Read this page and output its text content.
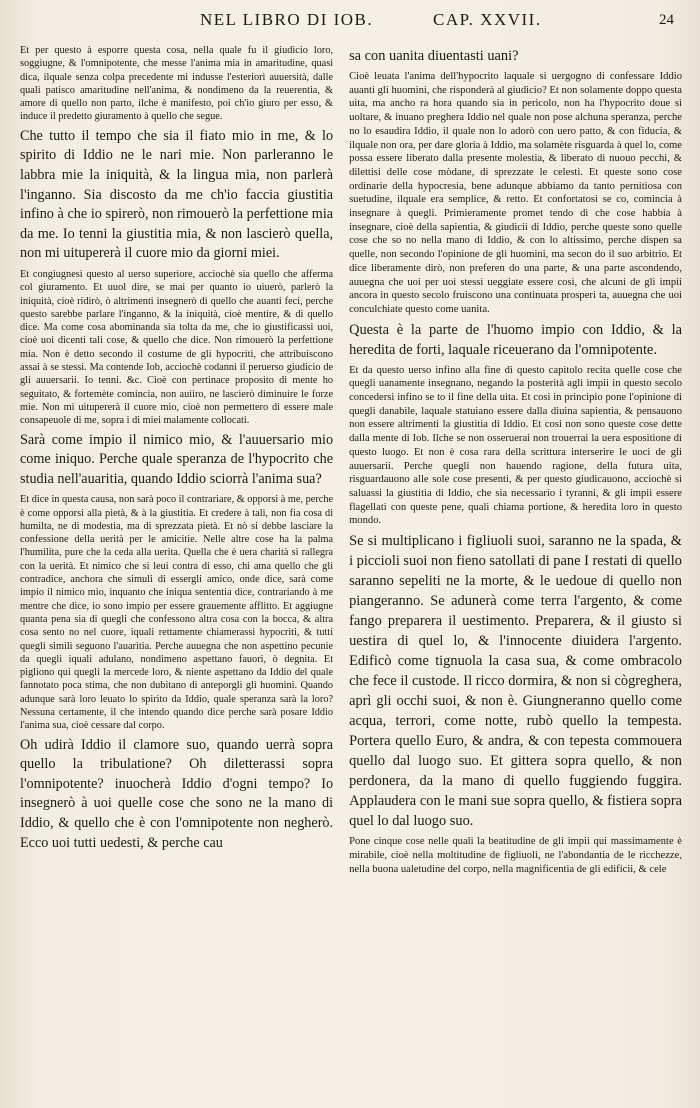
NEL LIBRO DI IOB.	CAP. XXVII.	24

Et per questo à esporre questa cosa, nella quale fu il giudicio loro, soggiugne, & l'omnipotente, che messe l'anima mia in amaritudine, quasi dica, ilquale senza colpa precedente mi indusse l'esteriori auuersità, dalle quali patisco amaritudine nell'anima, & nondimeno da la reuerentia, & amore di quello non parto, ilche è manifesto, poi ch'io giuro per esso, & induce il predetto giuramento à quello che segue.

Che tutto il tempo che sia il fiato mio in me, & lo spirito di Iddio ne le nari mie. Non parleranno le labbra mie la iniquità, & la lingua mia, non parlerà l'inganno. Sia discosto da me ch'io faccia giustitia infino à che io spirerò, non rimouerò la perfettione mia da me. Io tenni la giustitia mia, & non lascierò quella, non mi uitupererà il cuore mio da giorni miei.

Et congiugnesi questo al uerso superiore, acciochè sia quello che afferma col giuramento. Et uuol dire, se mai per quanto io uiuerò, parlerò la iniquità, cioè ridirò, ò altrimenti insegnerò di quello che auanti feci, perche questo sarebbe parlare l'inganno, & la iniquità, cioè mentire, & di quello dice. Ma come cosa abominanda sia tolta da me, che io giustificassi uoi, cioè uoi dicenti tali cose, & quello che dice. Non rimouerò la perfettione mia. Non è detto secondo il costume de gli hypocriti, che attribuiscono assai à se stessi. Ma contende Iob, acciochè codanni il peruerso giudicio de gli auuersarii. Io tenni. &c. Cioè con pertinace proposito di mente ho seguitato, & fortemète comincia, non auiiro, ne lascierò diminuire le forze mie. Non mi uitupererà il cuore mio, cioè non permettero di essere male consapeuole di me, sopra i di miei malamente collocati.

Sarà come impio il nimico mio, & l'auuersario mio come iniquo. Perche quale speranza de l'hypocrito che studia nell'auaritia, quando Iddio sciorrà l'anima sua?

Et dice in questa causa, non sarà poco il contrariare, & opporsi à me, perche è come opporsi alla pietà, & à la giustitia. Et credere à tali, non fia cosa di humilta, ne di modestia, ma di sprezzata pietà. Et nò si debbe lasciare la confessione della uerità per le amicitie. Nelle altre cose ha la palma l'humilita, pure che la ceda alla uerita. Quella che è uera charità si rallegra con la uerità. Et nimico che si leui contra di esso, chi ama quello che gli contradice, anchora che simuli di essergli amico, onde dice, sarà come impio il nimico mio, inquanto che iniqua sententia dice, contrariando à me mentre che dice, io sono impio per essere grauemente afflitto. Et aggiugne quanta pena sia di quegli che confessono altra cosa con la bocca, & altra cosa sento no nel cuore, iquali rettamente chiamerassi hypocriti, & tutti quegli simili seguono l'auaritia. Perche auuegna che non aspettino pecunie da quegli iquali adulano, nondimeno aspettano fauori, ò degnita. Et pigliono qui quegli la mercede loro, & niente aspettano da Iddio del quale fannotato poca stima, che non dubitano di anteporgli gli huomini. Quando adunque sarà loro leuato lo spirito da Iddio, quale speranza sarà la loro? Nessuna certamente, il che intendo quando dice perche sarà posare Iddio l'anima sua, cioè cessare dal corpo.

Oh udirà Iddio il clamore suo, quando uerrà sopra quello la tribulatione? Oh diletterassi sopra l'omnipotente? inuocherà Iddio d'ogni tempo? Io insegnerò à uoi quelle cose che sono ne la mano di Iddio, & quello che è con l'omnipotente non negherò. Ecco uoi tutti uedesti, & perche cau

sa con uanita diuentasti uani?

Cioè leuata l'anima dell'hypocrito laquale si uergogno di confessare Iddio auanti gli huomini, che risponderà al giudicio? Et non solamente doppo questa uita, ma ancho ra hora quando sia in pericolo, non ha l'hypocrito doue si uoltare, & inuano preghera Iddio nel quale non pose alchuna speranza, perche no lo esaudira Iddio, il quale non lo adorò con uero patto, & con fiducia, & ilquale non ora, per dare gloria à Iddio, ma solamète risguarda à quel lo, come possa essere liberato dalla presente molestia, & liberato di nuouo pecchi, & dilettisi delle cose mòdane, di sprezzate le celesti. Et queste sono cose ordinarie della hypocresia, bene adunque abbiamo da tanto pernitiosa con suetudine, ilquale era semplice, & retto. Et confortatosi se co, comincia à insegnare à quegli. Primieramente promet tendo di che cose habbia à insegnare, cioè della sapientia, & giudicii di Iddio, perche queste sono quelle cose che so no nella mano di Iddio, & con lo altissimo, perche dispen sa quelle, non secondo l'opinione de gli huomini, ma secon do il suo arbitrio. Et dice liberamente dirò, non preferen do una parte, & una parte ascondendo, auuegna che uoi per uoi stessi ueggiate essere così, che alcuni de gli impii ancora in questo secolo fruiscono una continuata prosperi ta, auuegna che uoi conculchiate questo come uanita.

Questa è la parte de l'huomo impio con Iddio, & la heredita de forti, laquale riceuerano da l'omnipotente.

Et da questo uerso infino alla fine di questo capitolo recita quelle cose che quegli uanamente insegnano, negando la posterità agli impii in questo secolo concedersi infino se to il fine della uita. Et cosi in principio pone l'opinione di quegli danabile, laquale statuiano essere dalla diuina sapientia, & pensauono non essere altrimenti la giustitia di Iddio. Et cosi non sono queste cose dette dalla mente di Iob. Ilche se non osseruerai non trouerrai la uera espositione di questo luogo. Et non è cosa rara della scrittura interserire le uoci de gli auuersarii. Perche quegli non hauendo ragione, della futura uita, risguardauono alle sole cose presenti, & per questo giudicauono, acciochè si saluassi la giustitia di Iddio, che sia necessario i tyranni, & gli impii essere flagellati con queste pene, quali chiama portione, & heredita loro in questo mondo.

Se si multiplicano i figliuoli suoi, saranno ne la spada, & i piccioli suoi non fieno satollati di pane I restati di quello saranno sepeliti ne la morte, & le uedoue di quello non piangeranno. Se adunerà come terra l'argento, & come fango preparera il uestimento. Preparera, & il giusto si uestira di quel lo, & l'innocente diuidera l'argento. Edificò come tignuola la casa sua, & come ombracolo che fece il custode. Il ricco dormira, & non si cògreghera, aprì gli occhi suoi, & non è. Giungneranno quello come acqua, terrori, come notte, rubò quello la tempesta. Portera quello Euro, & andra, & con tepesta commouera quello dal luogo suo. Et gittera sopra quello, & non perdonera, da la mano di quello fuggiendo fuggira. Applaudera con le mani sue sopra quello, & fistiera sopra quel lo dal luogo suo.

Pone cinque cose nelle quali la beatitudine de gli impii qui massimamente è mirabile, cioè nella moltitudine de figliuoli, ne l'abondantia de le ricchezze, nella buona ualetudine del corpo, nella magnificentia de gli edificii, & cele
